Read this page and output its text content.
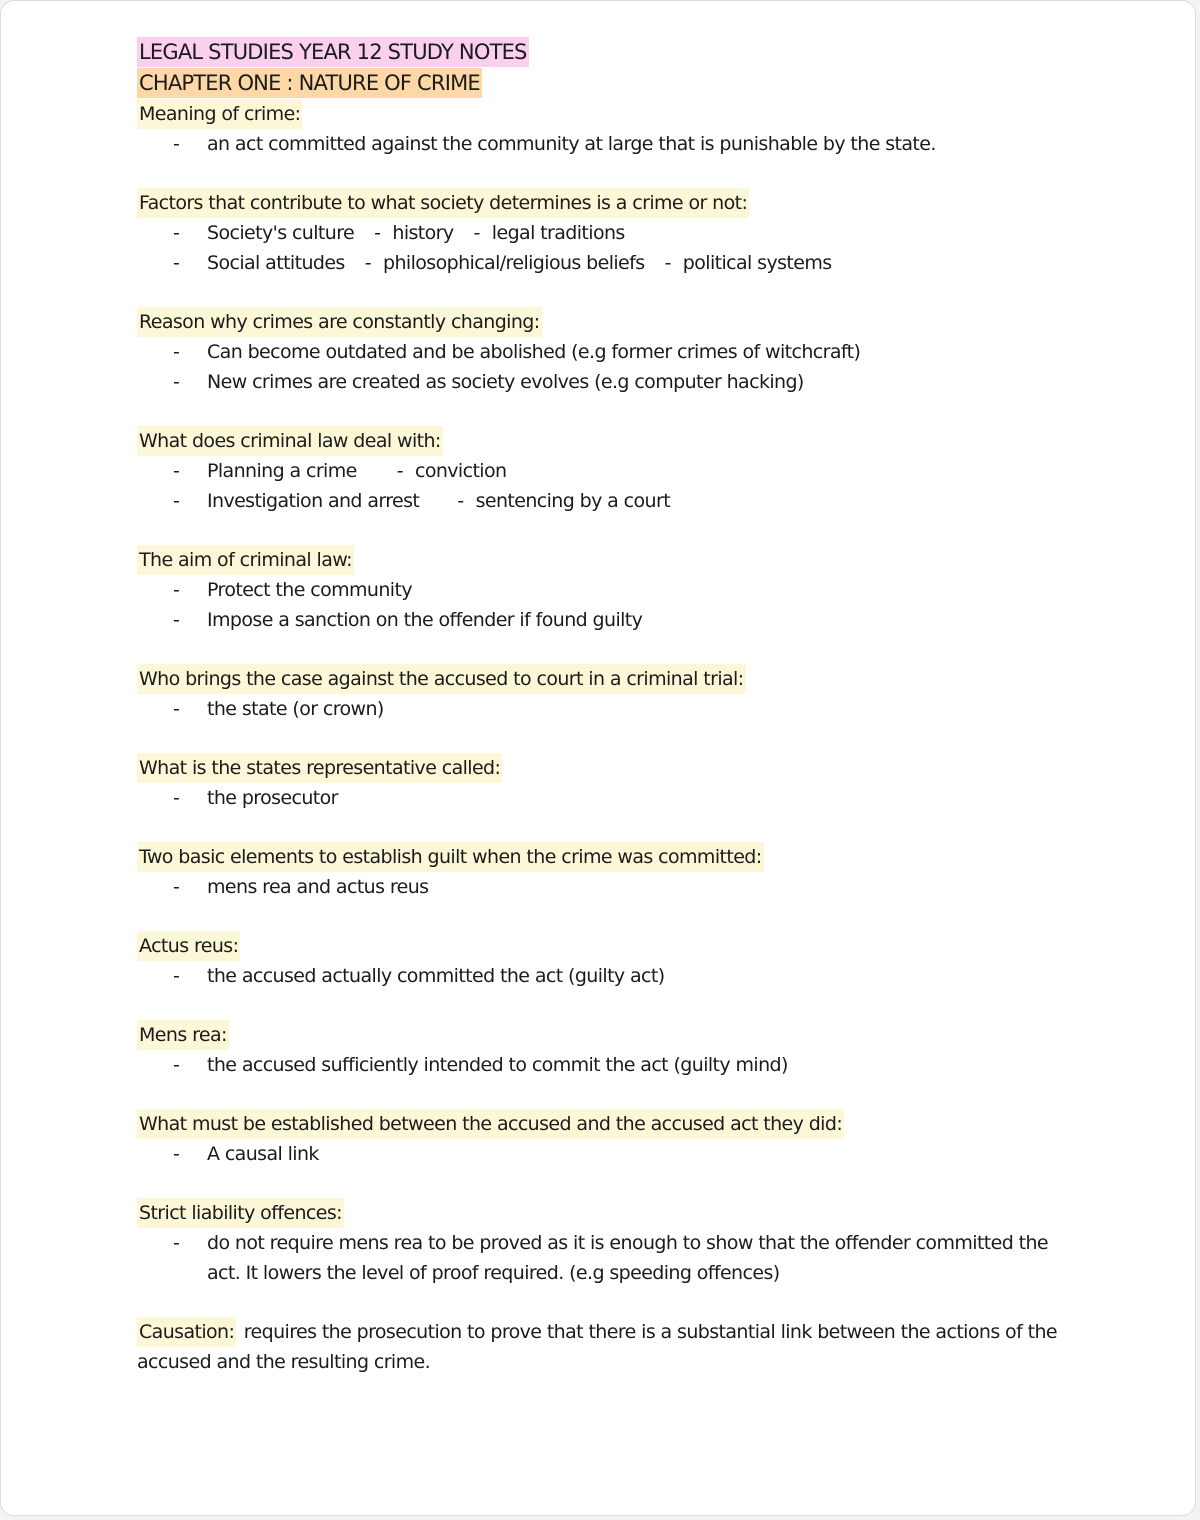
LEGAL STUDIES YEAR 12 STUDY NOTES
CHAPTER ONE : NATURE OF CRIME
Meaning of crime:
- an act committed against the community at large that is punishable by the state.
Factors that contribute to what society determines is a crime or not:
- Society's culture - history - legal traditions
- Social attitudes - philosophical/religious beliefs - political systems
Reason why crimes are constantly changing:
- Can become outdated and be abolished (e.g former crimes of witchcraft)
- New crimes are created as society evolves (e.g computer hacking)
What does criminal law deal with:
- Planning a crime - conviction
- Investigation and arrest - sentencing by a court
The aim of criminal law:
- Protect the community
- Impose a sanction on the offender if found guilty
Who brings the case against the accused to court in a criminal trial:
- the state (or crown)
What is the states representative called:
- the prosecutor
Two basic elements to establish guilt when the crime was committed:
- mens rea and actus reus
Actus reus:
- the accused actually committed the act (guilty act)
Mens rea:
- the accused sufficiently intended to commit the act (guilty mind)
What must be established between the accused and the accused act they did:
- A causal link
Strict liability offences:
- do not require mens rea to be proved as it is enough to show that the offender committed the act. It lowers the level of proof required. (e.g speeding offences)
Causation: requires the prosecution to prove that there is a substantial link between the actions of the accused and the resulting crime.
